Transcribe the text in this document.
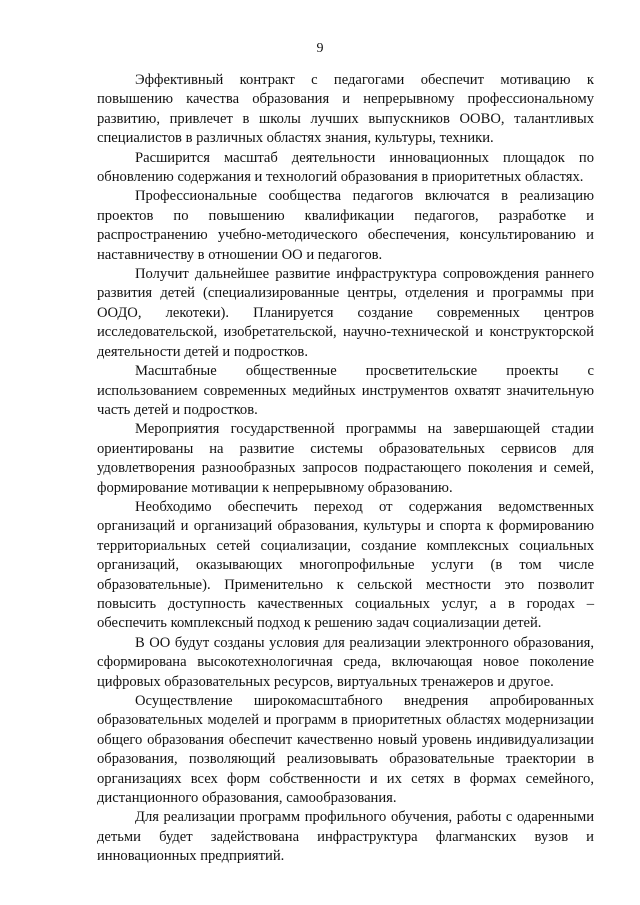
9

Эффективный контракт с педагогами обеспечит мотивацию к повышению качества образования и непрерывному профессиональному развитию, привлечет в школы лучших выпускников ООВО, талантливых специалистов в различных областях знания, культуры, техники.

Расширится масштаб деятельности инновационных площадок по обновлению содержания и технологий образования в приоритетных областях.

Профессиональные сообщества педагогов включатся в реализацию проектов по повышению квалификации педагогов, разработке и распространению учебно-методического обеспечения, консультированию и наставничеству в отношении ОО и педагогов.

Получит дальнейшее развитие инфраструктура сопровождения раннего развития детей (специализированные центры, отделения и программы при ООДО, лекотеки). Планируется создание современных центров исследовательской, изобретательской, научно-технической и конструкторской деятельности детей и подростков.

Масштабные общественные просветительские проекты с использованием современных медийных инструментов охватят значительную часть детей и подростков.

Мероприятия государственной программы на завершающей стадии ориентированы на развитие системы образовательных сервисов для удовлетворения разнообразных запросов подрастающего поколения и семей, формирование мотивации к непрерывному образованию.

Необходимо обеспечить переход от содержания ведомственных организаций и организаций образования, культуры и спорта к формированию территориальных сетей социализации, создание комплексных социальных организаций, оказывающих многопрофильные услуги (в том числе образовательные). Применительно к сельской местности это позволит повысить доступность качественных социальных услуг, а в городах – обеспечить комплексный подход к решению задач социализации детей.

В ОО будут созданы условия для реализации электронного образования, сформирована высокотехнологичная среда, включающая новое поколение цифровых образовательных ресурсов, виртуальных тренажеров и другое.

Осуществление широкомасштабного внедрения апробированных образовательных моделей и программ в приоритетных областях модернизации общего образования обеспечит качественно новый уровень индивидуализации образования, позволяющий реализовывать образовательные траектории в организациях всех форм собственности и их сетях в формах семейного, дистанционного образования, самообразования.

Для реализации программ профильного обучения, работы с одаренными детьми будет задействована инфраструктура флагманских вузов и инновационных предприятий.
